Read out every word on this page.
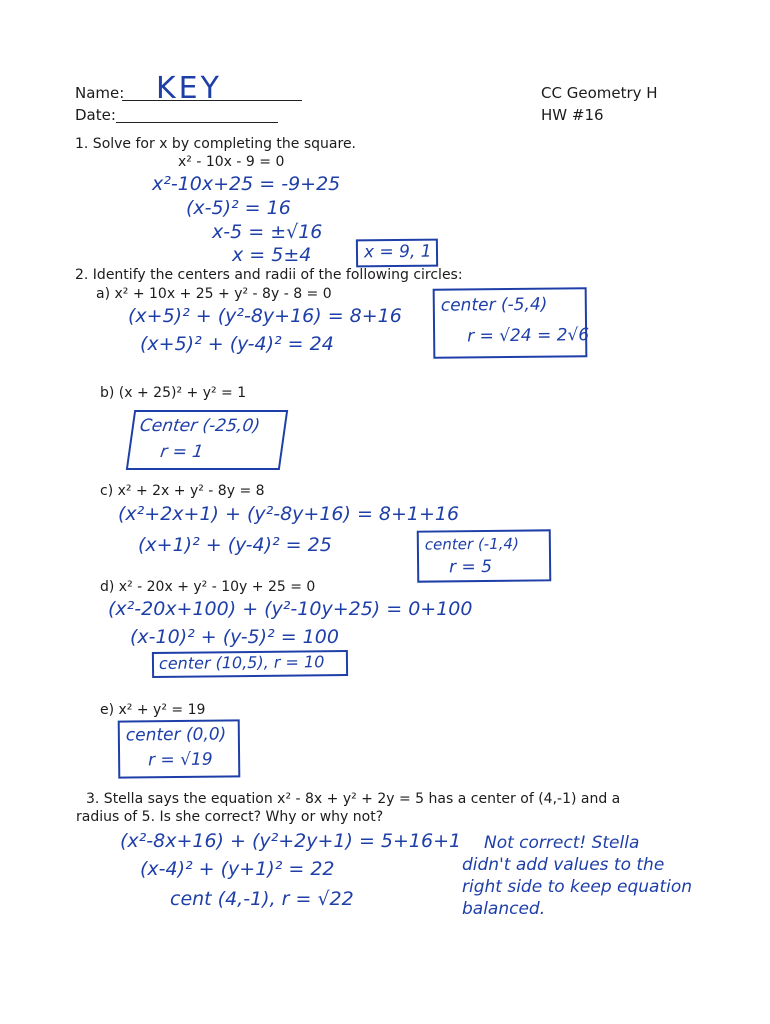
Name: KEY
Date:
CC Geometry H
HW #16
1. Solve for x by completing the square.
x² - 10x - 9 = 0
x²-10x+25 = -9+25
(x-5)² = 16
x-5 = ±√16
x = 5±4	x = 9, 1
2. Identify the centers and radii of the following circles:
a) x² + 10x + 25 + y² - 8y - 8 = 0
(x+5)² + (y²-8y+16) = 8+16
(x+5)² + (y-4)² = 24
center (-5,4)
r = √24 = 2√6
b) (x + 25)² + y² = 1
Center (-25,0)
r = 1
c) x² + 2x + y² - 8y = 8
(x²+2x+1) + (y²-8y+16) = 8+1+16
(x+1)² + (y-4)² = 25	center (-1,4)
r = 5
d) x² - 20x + y² - 10y + 25 = 0
(x²-20x+100) + (y²-10y+25) = 0+100
(x-10)² + (y-5)² = 100
center (10,5), r = 10
e) x² + y² = 19
center (0,0)
r = √19
3. Stella says the equation x² - 8x + y² + 2y = 5 has a center of (4,-1) and a
radius of 5. Is she correct? Why or why not?
(x²-8x+16) + (y²+2y+1) = 5+16+1
(x-4)² + (y+1)² = 22
cent (4,-1), r = √22
Not correct! Stella
didn't add values to the
right side to keep equation
balanced.
